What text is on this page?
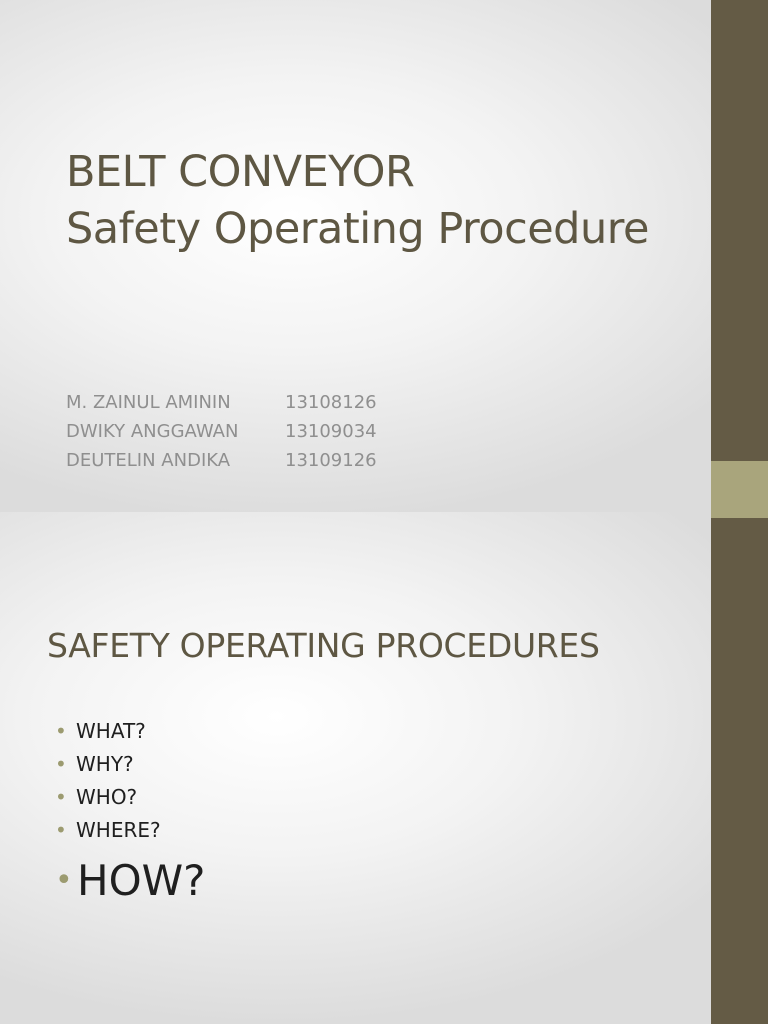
BELT CONVEYOR
Safety Operating Procedure
M. ZAINUL AMININ	13108126
DWIKY ANGGAWAN	13109034
DEUTELIN ANDIKA	13109126
SAFETY OPERATING PROCEDURES
• WHAT?
• WHY?
• WHO?
• WHERE?
• HOW?
